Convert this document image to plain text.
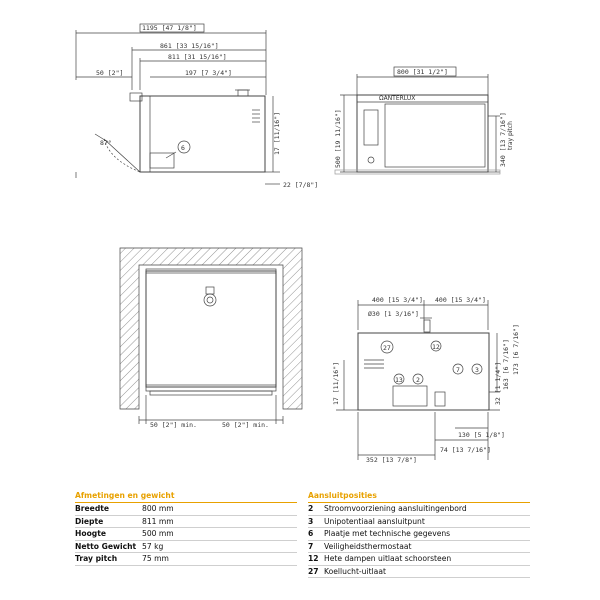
1195 [47 1/8"]
861 [33 15/16"]
811 [31 15/16"]
50 [2"]	197 [7 3/4"]
87°
6	17 [11/16"]
22 [7/8"]
800 [31 1/2"]
ΩANTERLUX
500 [19 11/16"]	340 [13 7/16"] tray pitch
50 [2"] min.	50 [2"] min.
400 [15 3/4"] 400 [15 3/4"]
Ø30 [1 3/16"]
27	12
7 3
13 2
17 [11/16"]
173 [6 7/16"]
163 [6 7/16"]
32 [1 1/4"]
130 [5 1/8"]
352 [13 7/8"]
74 [13 7/16"]
Afmetingen en gewicht
Breedte	800 mm
Diepte	811 mm
Hoogte	500 mm
Netto Gewicht 57 kg
Tray pitch	75 mm
Aansluitposities
2	Stroomvoorziening aansluitingenbord
3	Unipotentiaal aansluitpunt
6	Plaatje met technische gegevens
7	Veiligheidsthermostaat
12 Hete dampen uitlaat schoorsteen
27 Koellucht-uitlaat
